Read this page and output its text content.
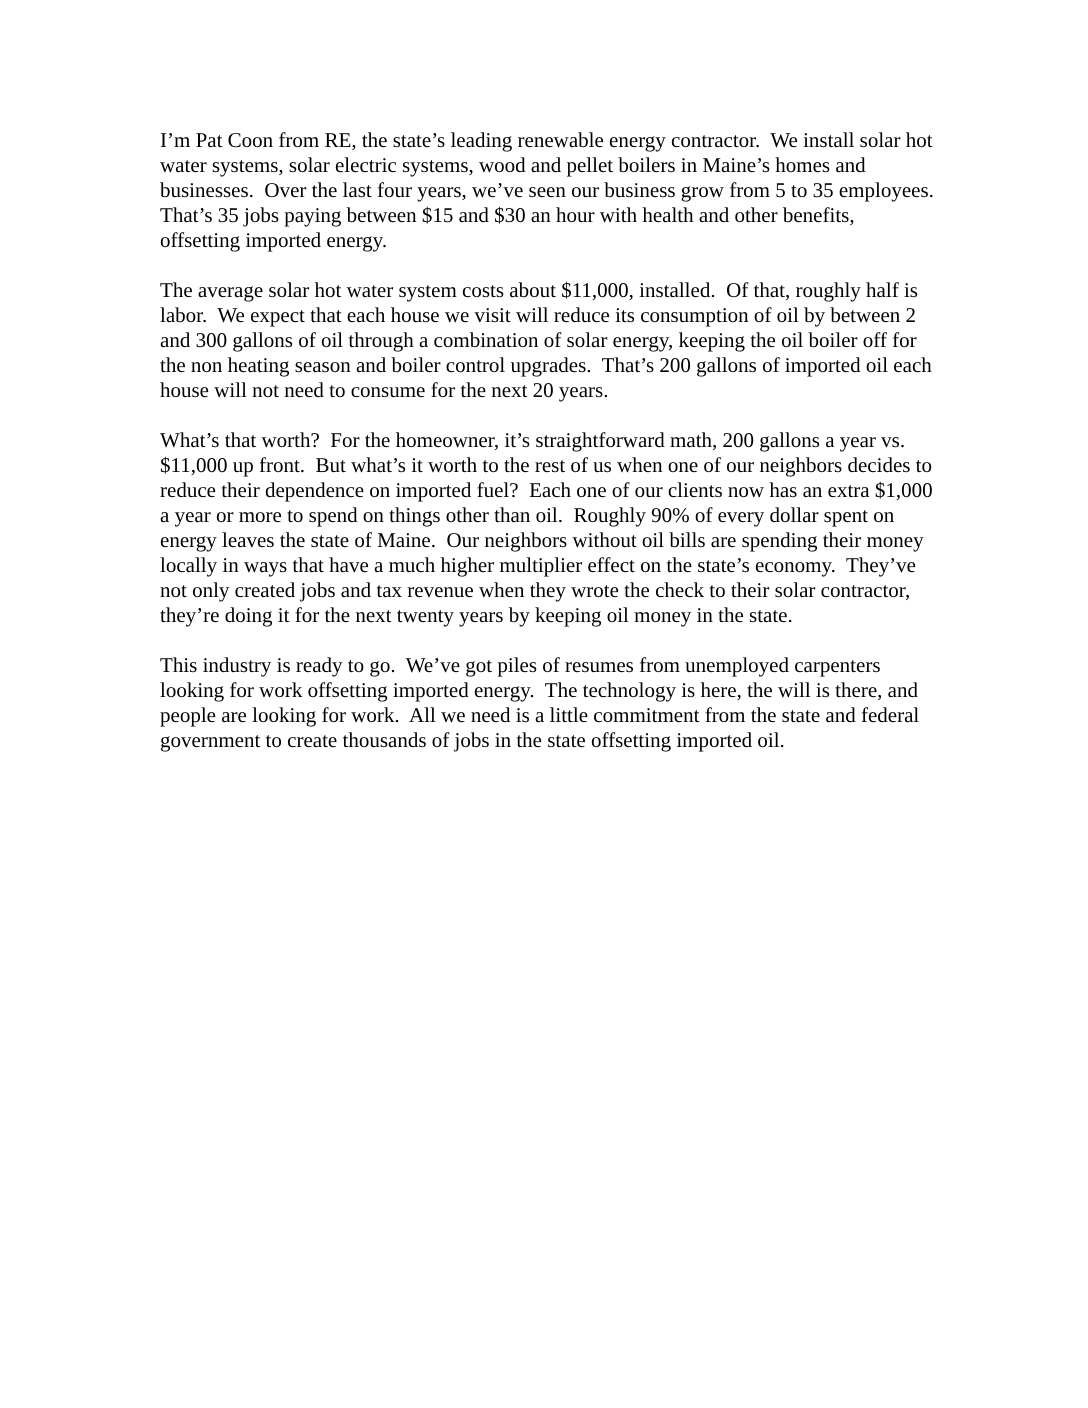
I’m Pat Coon from RE, the state’s leading renewable energy contractor.  We install solar hot water systems, solar electric systems, wood and pellet boilers in Maine’s homes and businesses.  Over the last four years, we’ve seen our business grow from 5 to 35 employees.  That’s 35 jobs paying between $15 and $30 an hour with health and other benefits, offsetting imported energy.

The average solar hot water system costs about $11,000, installed.  Of that, roughly half is labor.  We expect that each house we visit will reduce its consumption of oil by between 2 and 300 gallons of oil through a combination of solar energy, keeping the oil boiler off for the non heating season and boiler control upgrades.  That’s 200 gallons of imported oil each house will not need to consume for the next 20 years.

What’s that worth?  For the homeowner, it’s straightforward math, 200 gallons a year vs. $11,000 up front.  But what’s it worth to the rest of us when one of our neighbors decides to reduce their dependence on imported fuel?  Each one of our clients now has an extra $1,000 a year or more to spend on things other than oil.  Roughly 90% of every dollar spent on energy leaves the state of Maine.  Our neighbors without oil bills are spending their money locally in ways that have a much higher multiplier effect on the state’s economy.  They’ve not only created jobs and tax revenue when they wrote the check to their solar contractor, they’re doing it for the next twenty years by keeping oil money in the state.

This industry is ready to go.  We’ve got piles of resumes from unemployed carpenters looking for work offsetting imported energy.  The technology is here, the will is there, and people are looking for work.  All we need is a little commitment from the state and federal government to create thousands of jobs in the state offsetting imported oil.
